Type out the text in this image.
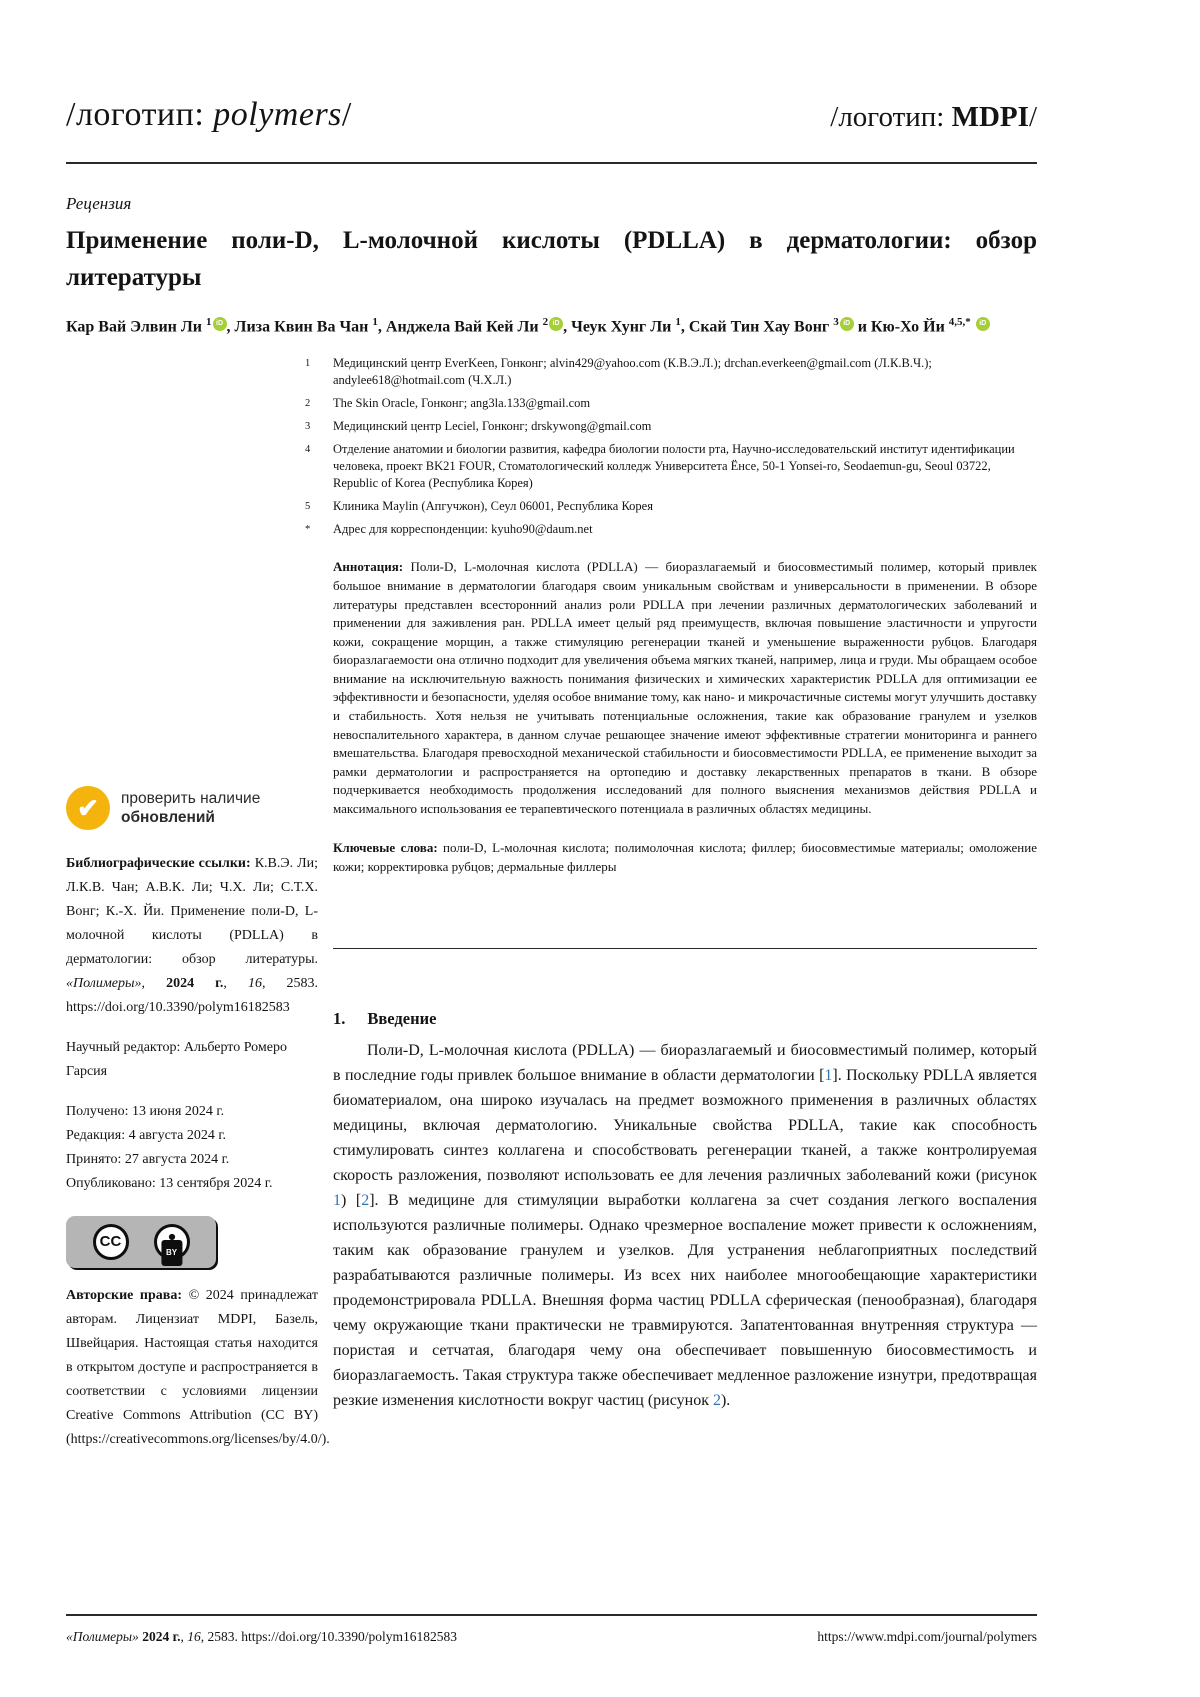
/логотип: polymers/	/логотип: MDPI/
Рецензия
Применение поли-D, L-молочной кислоты (PDLLA) в дерматологии: обзор литературы
Кар Вай Элвин Ли $^1$ iD , Лиза Квин Ва Чан $^1$, Анджела Вай Кей Ли $^2$ iD , Чеук Хунг Ли $^1$, Скай Тин Хау Вонг $^3$ iD и Кю-Хо Йи $^{4,5,*}$ iD
1	Медицинский центр EverKeen, Гонконг; alvin429@yahoo.com (К.В.Э.Л.); drchan.everkeen@gmail.com (Л.К.В.Ч.); andylee618@hotmail.com (Ч.Х.Л.)
2	The Skin Oracle, Гонконг; ang3la.133@gmail.com
3	Медицинский центр Leciel, Гонконг; drskywong@gmail.com
4	Отделение анатомии и биологии развития, кафедра биологии полости рта, Научно-исследовательский институт идентификации человека, проект BK21 FOUR, Стоматологический колледж Университета Ёнсе, 50-1 Yonsei-ro, Seodaemun-gu, Seoul 03722, Republic of Korea (Республика Корея)
5	Клиника Maylin (Апгучжон), Сеул 06001, Республика Корея
*	Адрес для корреспонденции: kyuho90@daum.net
✔	проверить наличие
обновлений
Библиографические ссылки: К.В.Э. Ли; Л.К.В. Чан; А.В.К. Ли; Ч.Х. Ли; С.Т.Х. Вонг; К.-Х. Йи. Применение поли-D, L-молочной кислоты (PDLLA) в дерматологии: обзор литературы. «Полимеры», 2024 г., 16, 2583. https://doi.org/10.3390/polym16182583
Научный редактор: Альберто Ромеро Гарсия
Получено: 13 июня 2024 г.
Редакция: 4 августа 2024 г.
Принято: 27 августа 2024 г.
Опубликовано: 13 сентября 2024 г.
CC
BY
Авторские права: © 2024 принадлежат авторам. Лицензиат MDPI, Базель, Швейцария. Настоящая статья находится в открытом доступе и распространяется в соответствии с условиями лицензии Creative Commons Attribution (CC BY) (https://creativecommons.org/licenses/by/4.0/).

Аннотация: Поли-D, L-молочная кислота (PDLLA) — биоразлагаемый и биосовместимый полимер, который привлек большое внимание в дерматологии благодаря своим уникальным свойствам и универсальности в применении. В обзоре литературы представлен всесторонний анализ роли PDLLA при лечении различных дерматологических заболеваний и применении для заживления ран. PDLLA имеет целый ряд преимуществ, включая повышение эластичности и упругости кожи, сокращение морщин, а также стимуляцию регенерации тканей и уменьшение выраженности рубцов. Благодаря биоразлагаемости она отлично подходит для увеличения объема мягких тканей, например, лица и груди. Мы обращаем особое внимание на исключительную важность понимания физических и химических характеристик PDLLA для оптимизации ее эффективности и безопасности, уделяя особое внимание тому, как нано- и микрочастичные системы могут улучшить доставку и стабильность. Хотя нельзя не учитывать потенциальные осложнения, такие как образование гранулем и узелков невоспалительного характера, в данном случае решающее значение имеют эффективные стратегии мониторинга и раннего вмешательства. Благодаря превосходной механической стабильности и биосовместимости PDLLA, ее применение выходит за рамки дерматологии и распространяется на ортопедию и доставку лекарственных препаратов в ткани. В обзоре подчеркивается необходимость продолжения исследований для полного выяснения механизмов действия PDLLA и максимального использования ее терапевтического потенциала в различных областях медицины.

Ключевые слова: поли-D, L-молочная кислота; полимолочная кислота; филлер; биосовместимые материалы; омоложение кожи; корректировка рубцов; дермальные филлеры

1. Введение

Поли-D, L-молочная кислота (PDLLA) — биоразлагаемый и биосовместимый полимер, который в последние годы привлек большое внимание в области дерматологии [1]. Поскольку PDLLA является биоматериалом, она широко изучалась на предмет возможного применения в различных областях медицины, включая дерматологию. Уникальные свойства PDLLA, такие как способность стимулировать синтез коллагена и способствовать регенерации тканей, а также контролируемая скорость разложения, позволяют использовать ее для лечения различных заболеваний кожи (рисунок 1) [2]. В медицине для стимуляции выработки коллагена за счет создания легкого воспаления используются различные полимеры. Однако чрезмерное воспаление может привести к осложнениям, таким как образование гранулем и узелков. Для устранения неблагоприятных последствий разрабатываются различные полимеры. Из всех них наиболее многообещающие характеристики продемонстрировала PDLLA. Внешняя форма частиц PDLLA сферическая (пенообразная), благодаря чему окружающие ткани практически не травмируются. Запатентованная внутренняя структура — пористая и сетчатая, благодаря чему она обеспечивает повышенную биосовместимость и биоразлагаемость. Такая структура также обеспечивает медленное разложение изнутри, предотвращая резкие изменения кислотности вокруг частиц (рисунок 2).

«Полимеры» 2024 г., 16, 2583. https://doi.org/10.3390/polym16182583	https://www.mdpi.com/journal/polymers
